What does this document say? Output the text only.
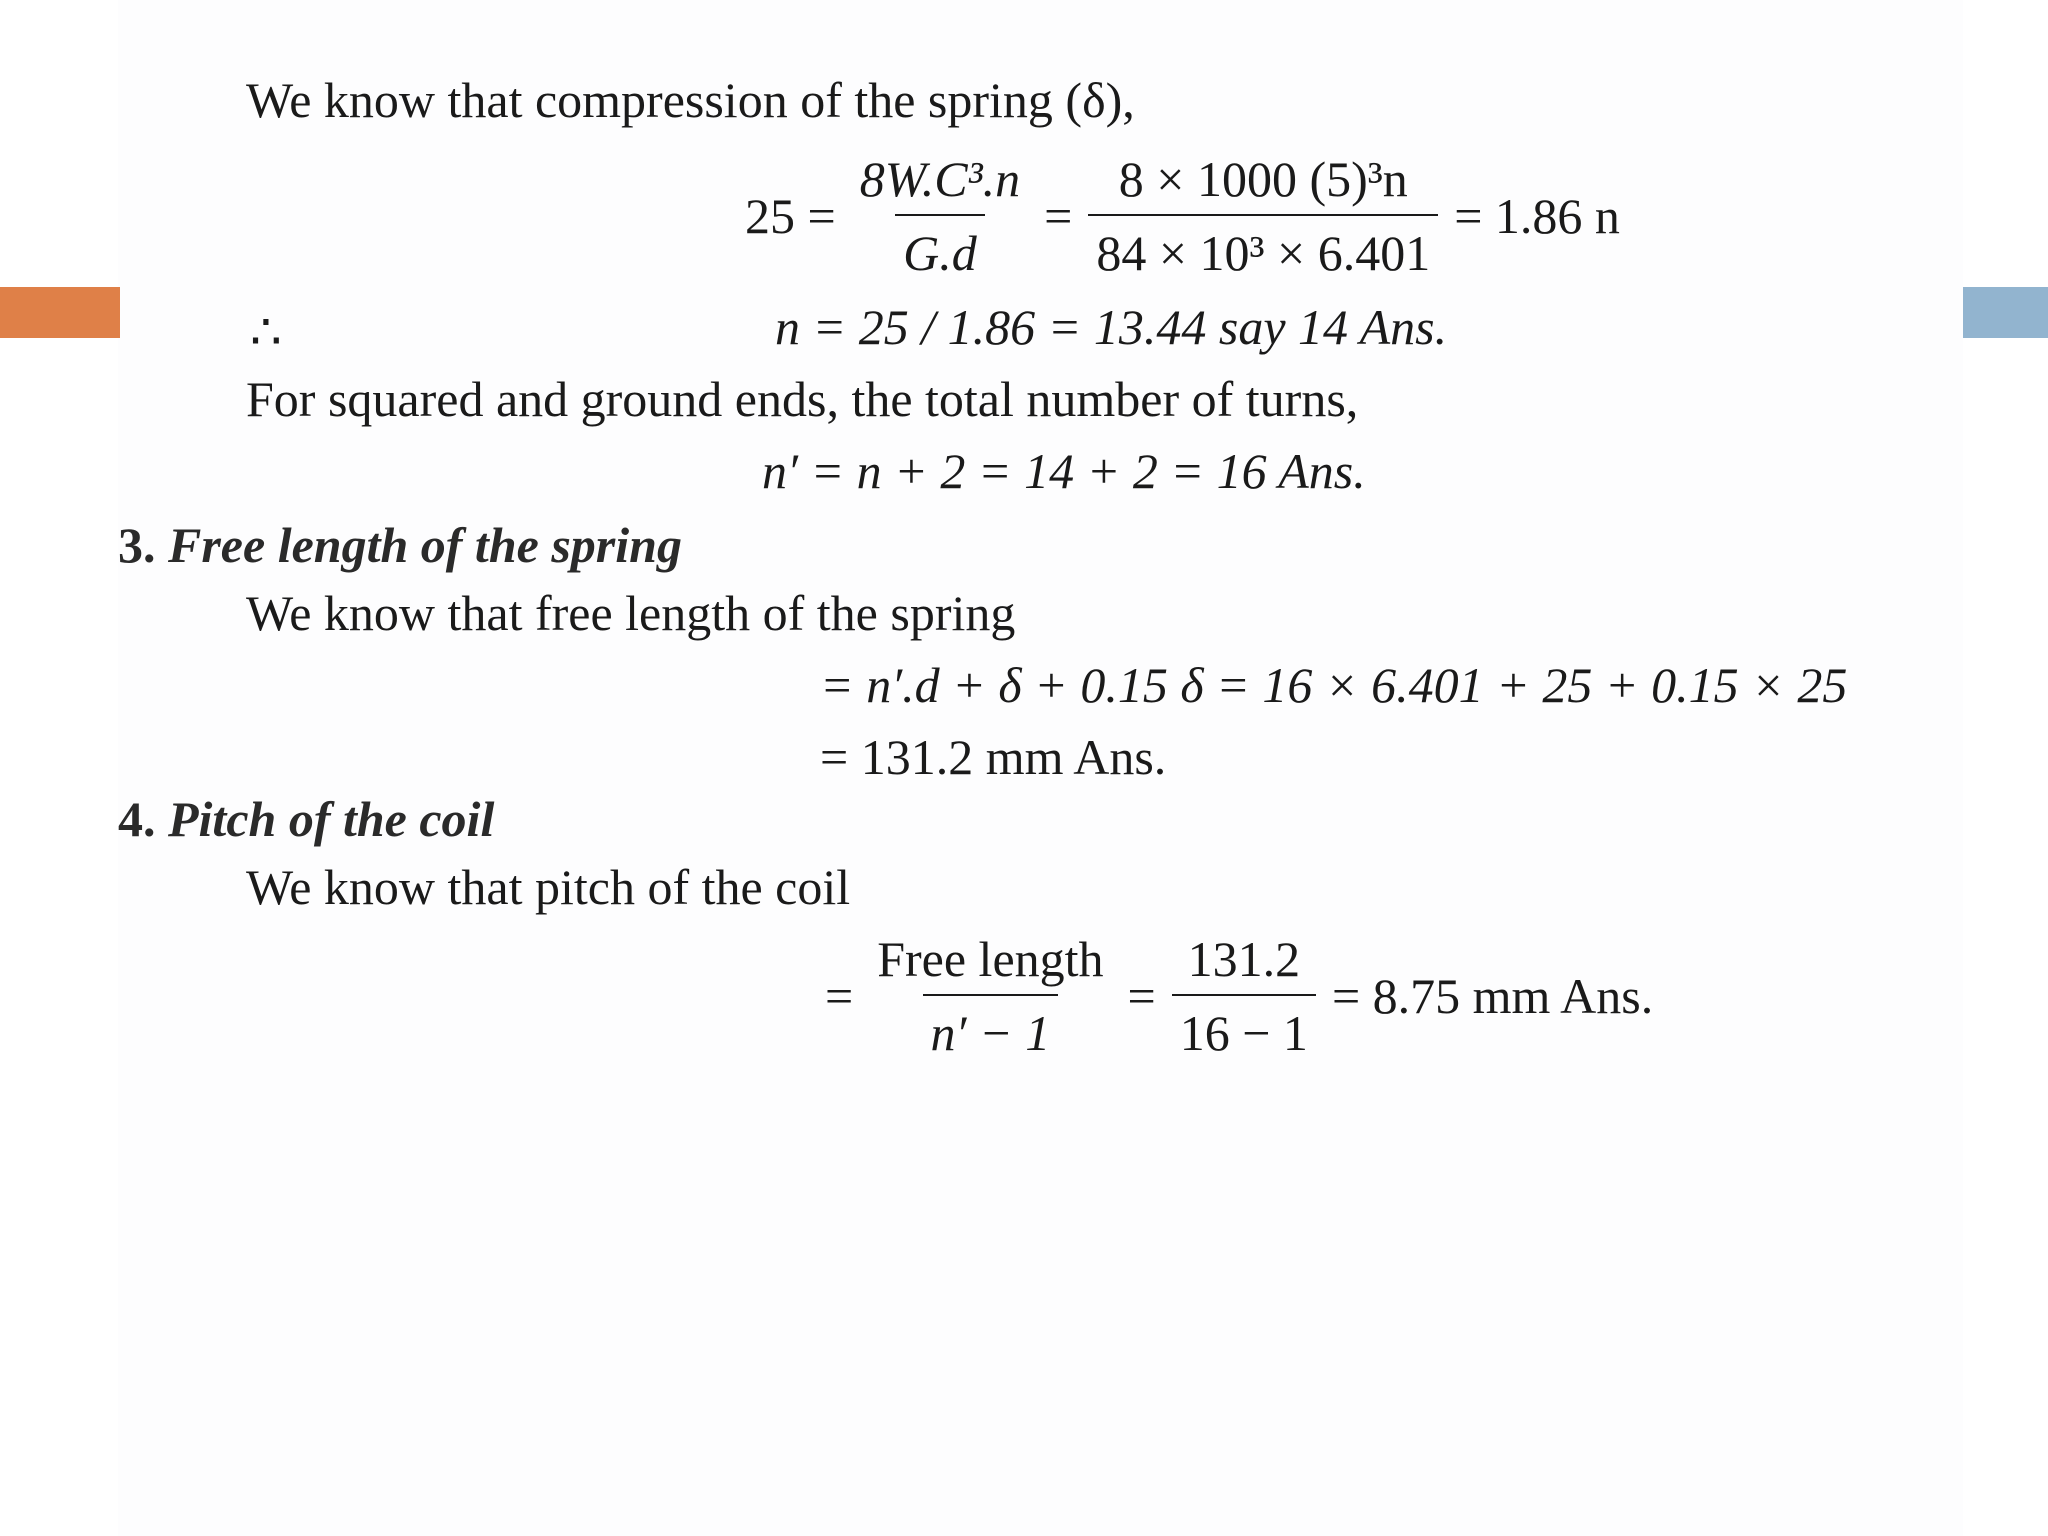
We know that compression of the spring (δ),
$25 = \frac{\text{8W.C³.n}}{G.d} = \frac{\text{8 × 1000 (5)³n}}{\text{84 × 10³ × 6.401}} = 1.86$ n
∴	n = 25 / 1.86 = 13.44 say 14 Ans.
For squared and ground ends, the total number of turns,
n′ = n + 2 = 14 + 2 = 16 Ans.
3. Free length of the spring
We know that free length of the spring
= n′.d + δ + 0.15 δ = 16 × 6.401 + 25 + 0.15 × 25
= 131.2 mm Ans.
4. Pitch of the coil
We know that pitch of the coil
= $\frac{\text{Free length}}{n' - 1} = \frac{131.2}{16 - 1} = 8.75$ mm Ans.
